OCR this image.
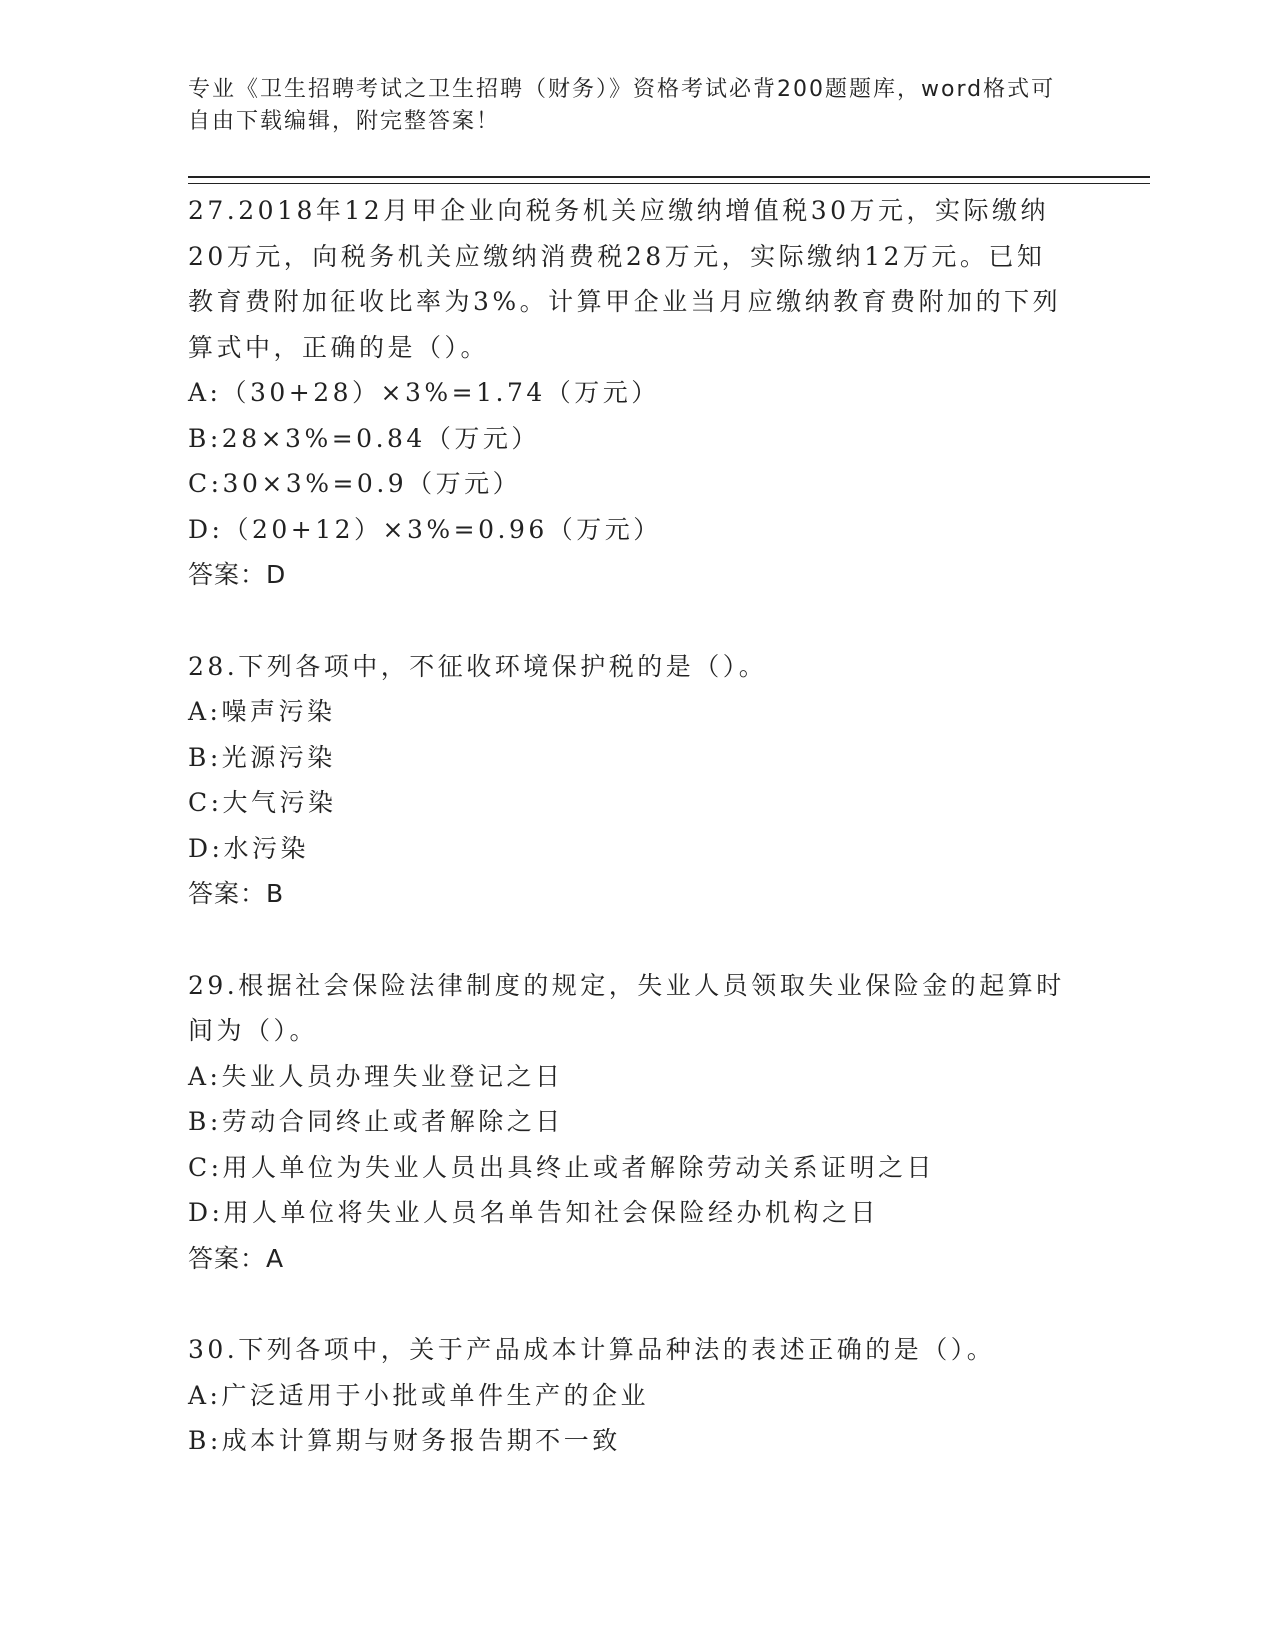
专业《卫生招聘考试之卫生招聘（财务）》资格考试必背200题题库，word格式可自由下载编辑，附完整答案！

27.2018年12月甲企业向税务机关应缴纳增值税30万元，实际缴纳20万元，向税务机关应缴纳消费税28万元，实际缴纳12万元。已知教育费附加征收比率为3%。计算甲企业当月应缴纳教育费附加的下列算式中，正确的是（）。

A:（30+28）×3%=1.74（万元）

B:28×3%=0.84（万元）

C:30×3%=0.9（万元）

D:（20+12）×3%=0.96（万元）

答案：D

28.下列各项中，不征收环境保护税的是（）。

A:噪声污染

B:光源污染

C:大气污染

D:水污染

答案：B

29.根据社会保险法律制度的规定，失业人员领取失业保险金的起算时间为（）。

A:失业人员办理失业登记之日

B:劳动合同终止或者解除之日

C:用人单位为失业人员出具终止或者解除劳动关系证明之日

D:用人单位将失业人员名单告知社会保险经办机构之日

答案：A

30.下列各项中，关于产品成本计算品种法的表述正确的是（）。

A:广泛适用于小批或单件生产的企业

B:成本计算期与财务报告期不一致
